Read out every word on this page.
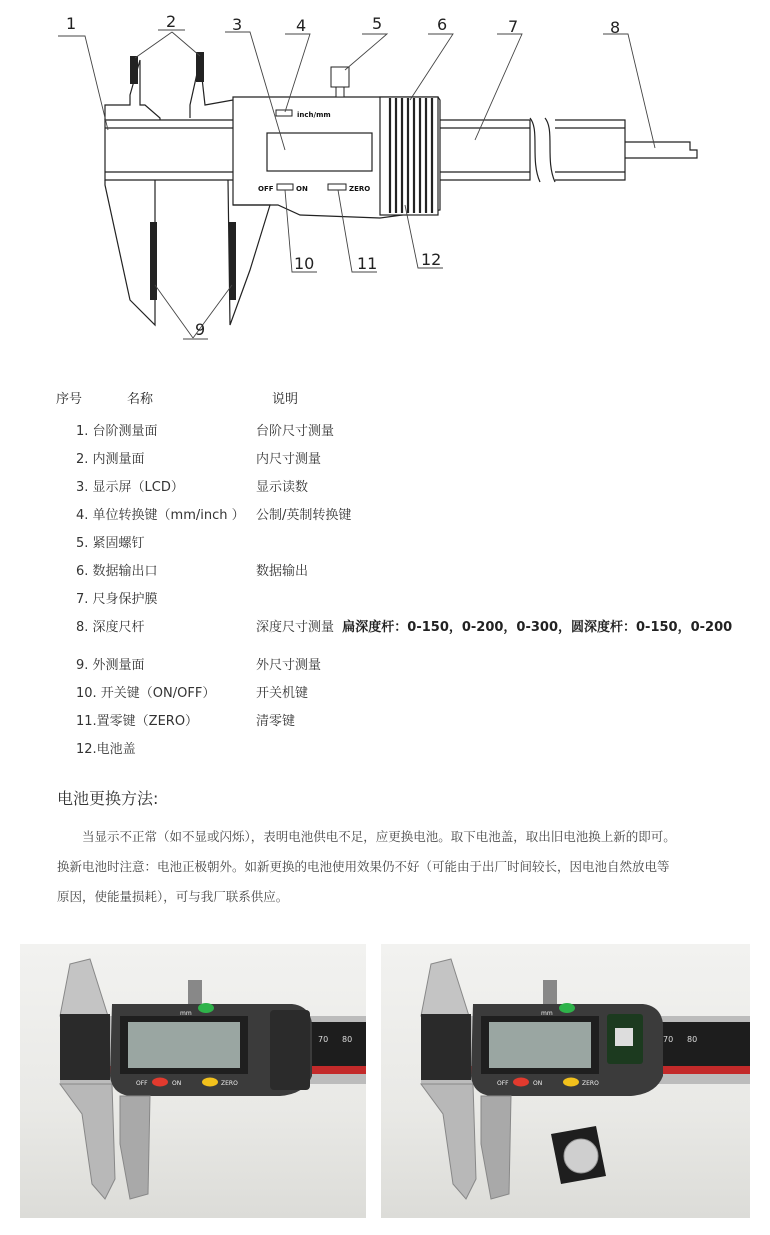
inch/mm
OFF	ON	ZERO
1	2	3	4	5	6	7	8
9
10	11	12
序号	名称	说明
1. 台阶测量面	台阶尺寸测量
2. 内测量面	内尺寸测量
3. 显示屏（LCD）	显示读数
4. 单位转换键（mm/inch ） 公制/英制转换键
5. 紧固螺钉
6. 数据输出口	数据输出
7. 尺身保护膜
8. 深度尺杆	深度尺寸测量 扁深度杆：0-150，0-200，0-300，圆深度杆：0-150，0-200
9. 外测量面	外尺寸测量
10. 开关键（ON/OFF）	开关机键
11.置零键（ZERO）	清零键
12.电池盖
电池更换方法:

　　当显示不正常（如不显或闪烁），表明电池供电不足，应更换电池。取下电池盖，取出旧电池换上新的即可。

换新电池时注意：电池正极朝外。如新更换的电池使用效果仍不好（可能由于出厂时间较长，因电池自然放电等

原因，使能量损耗），可与我厂联系供应。

mm
OFF	ON	ZERO
70 80
mm
OFF	ON	ZERO
70 80
